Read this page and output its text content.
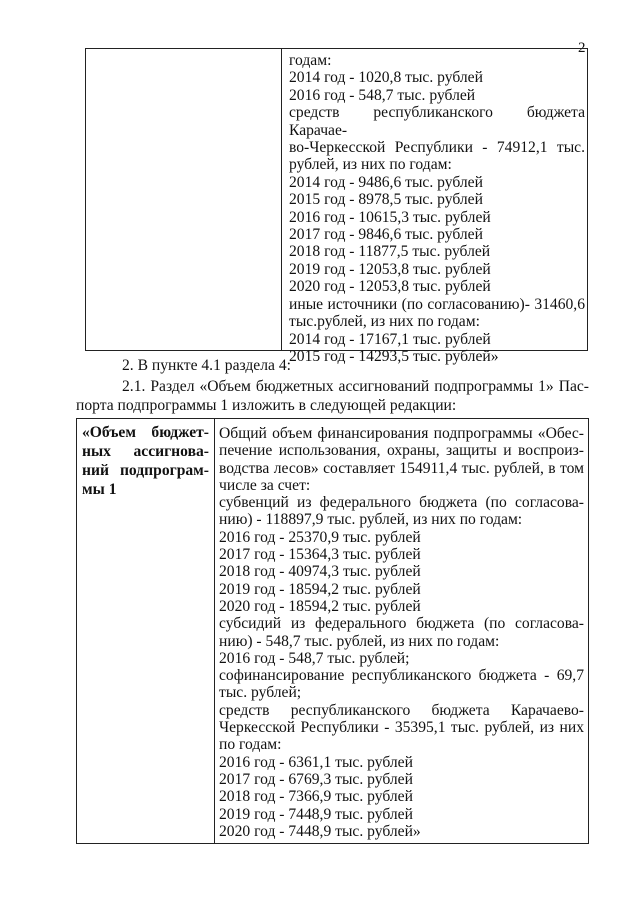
2
годам:
2014 год - 1020,8 тыс. рублей
2016 год - 548,7 тыс. рублей
средств республиканского бюджета Карачае-
во-Черкесской Республики - 74912,1 тыс.
рублей, из них по годам:
2014 год - 9486,6 тыс. рублей
2015 год - 8978,5 тыс. рублей
2016 год - 10615,3 тыс. рублей
2017 год - 9846,6 тыс. рублей
2018 год - 11877,5 тыс. рублей
2019 год - 12053,8 тыс. рублей
2020 год - 12053,8 тыс. рублей
иные источники (по согласованию)- 31460,6
тыс.рублей, из них по годам:
2014 год - 17167,1 тыс. рублей
2015 год - 14293,5 тыс. рублей»
2. В пункте 4.1 раздела 4:
2.1. Раздел «Объем бюджетных ассигнований подпрограммы 1» Пас-
порта подпрограммы 1 изложить в следующей редакции:
«Объем бюджет-
ных ассигнова-
ний подпрограм-
мы 1
Общий объем финансирования подпрограммы «Обес-
печение использования, охраны, защиты и воспроиз-
водства лесов» составляет 154911,4 тыс. рублей, в том
числе за счет:
субвенций из федерального бюджета (по согласова-
нию) - 118897,9 тыс. рублей, из них по годам:
2016 год - 25370,9 тыс. рублей
2017 год - 15364,3 тыс. рублей
2018 год - 40974,3 тыс. рублей
2019 год - 18594,2 тыс. рублей
2020 год - 18594,2 тыс. рублей
субсидий из федерального бюджета (по согласова-
нию) - 548,7 тыс. рублей, из них по годам:
2016 год - 548,7 тыс. рублей;
софинансирование республиканского бюджета - 69,7
тыс. рублей;
средств республиканского бюджета Карачаево-
Черкесской Республики - 35395,1 тыс. рублей, из них
по годам:
2016 год - 6361,1 тыс. рублей
2017 год - 6769,3 тыс. рублей
2018 год - 7366,9 тыс. рублей
2019 год - 7448,9 тыс. рублей
2020 год - 7448,9 тыс. рублей»
